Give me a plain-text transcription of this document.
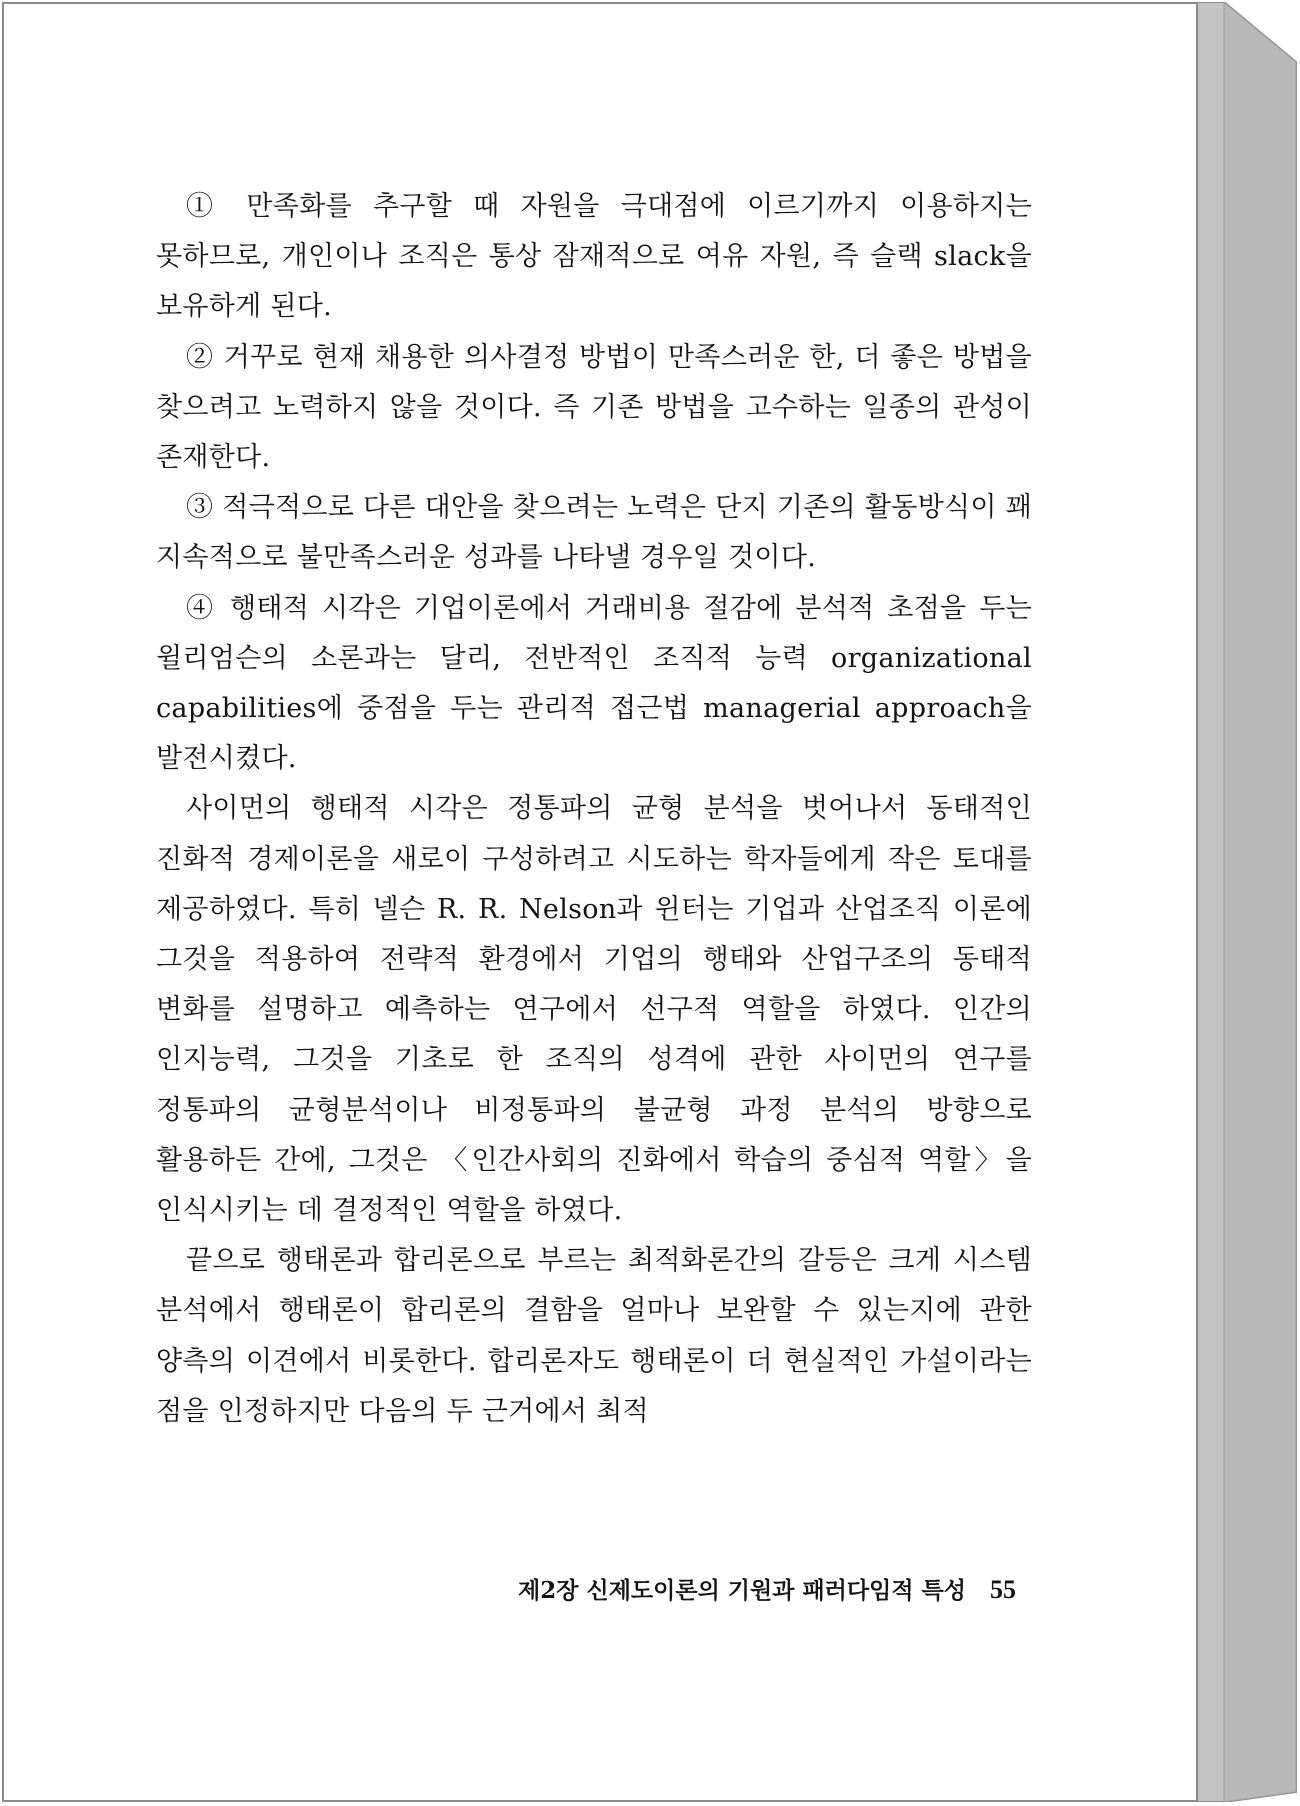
① 만족화를 추구할 때 자원을 극대점에 이르기까지 이용하지는 못하므로, 개인이나 조직은 통상 잠재적으로 여유 자원, 즉 슬랙 slack을 보유하게 된다.

② 거꾸로 현재 채용한 의사결정 방법이 만족스러운 한, 더 좋은 방법을 찾으려고 노력하지 않을 것이다. 즉 기존 방법을 고수하는 일종의 관성이 존재한다.

③ 적극적으로 다른 대안을 찾으려는 노력은 단지 기존의 활동방식이 꽤 지속적으로 불만족스러운 성과를 나타낼 경우일 것이다.

④ 행태적 시각은 기업이론에서 거래비용 절감에 분석적 초점을 두는 윌리엄슨의 소론과는 달리, 전반적인 조직적 능력 organizational capabilities에 중점을 두는 관리적 접근법 managerial approach을 발전시켰다.

사이먼의 행태적 시각은 정통파의 균형 분석을 벗어나서 동태적인 진화적 경제이론을 새로이 구성하려고 시도하는 학자들에게 작은 토대를 제공하였다. 특히 넬슨 R. R. Nelson과 윈터는 기업과 산업조직 이론에 그것을 적용하여 전략적 환경에서 기업의 행태와 산업구조의 동태적 변화를 설명하고 예측하는 연구에서 선구적 역할을 하였다. 인간의 인지능력, 그것을 기초로 한 조직의 성격에 관한 사이먼의 연구를 정통파의 균형분석이나 비정통파의 불균형 과정 분석의 방향으로 활용하든 간에, 그것은 〈인간사회의 진화에서 학습의 중심적 역할〉을 인식시키는 데 결정적인 역할을 하였다.

끝으로 행태론과 합리론으로 부르는 최적화론간의 갈등은 크게 시스템 분석에서 행태론이 합리론의 결함을 얼마나 보완할 수 있는지에 관한 양측의 이견에서 비롯한다. 합리론자도 행태론이 더 현실적인 가설이라는 점을 인정하지만 다음의 두 근거에서 최적

제2장 신제도이론의 기원과 패러다임적 특성 55
